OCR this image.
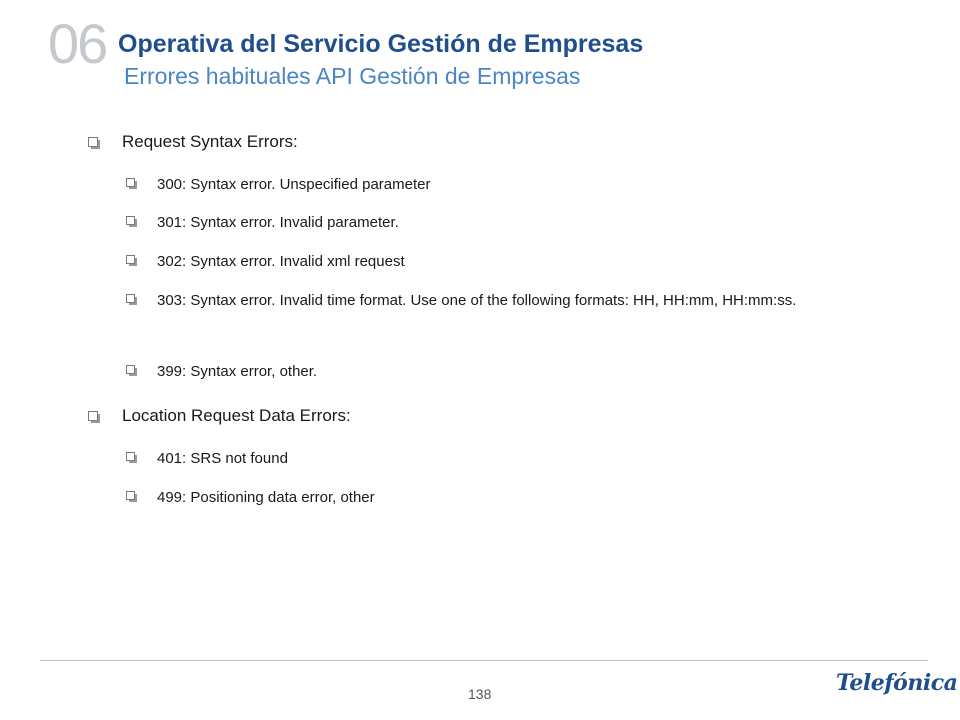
06 Operativa del Servicio Gestión de Empresas
Errores habituales API Gestión de Empresas
Request Syntax Errors:
300: Syntax error. Unspecified parameter
301: Syntax error. Invalid parameter.
302: Syntax error. Invalid xml request
303: Syntax error. Invalid time format. Use one of the following formats: HH, HH:mm, HH:mm:ss.
399: Syntax error, other.
Location Request Data Errors:
401: SRS not found
499: Positioning data error, other
138	Telefónica
